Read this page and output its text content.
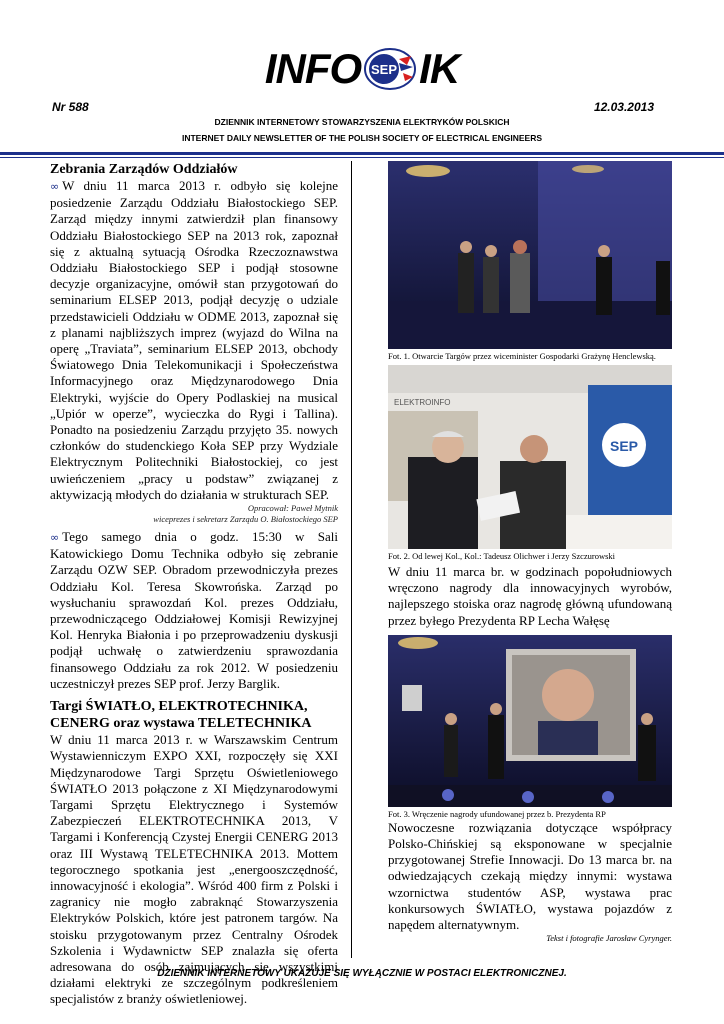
INFO SEP IK
Nr 588	12.03.2013
DZIENNIK INTERNETOWY STOWARZYSZENIA ELEKTRYKÓW POLSKICH
INTERNET DAILY NEWSLETTER OF THE POLISH SOCIETY OF ELECTRICAL ENGINEERS
Zebrania Zarządów Oddziałów

∞ W dniu 11 marca 2013 r. odbyło się kolejne posiedzenie Zarządu Oddziału Białostockiego SEP. Zarząd między innymi zatwierdził plan finansowy Oddziału Białostockiego SEP na 2013 rok, zapoznał się z aktualną sytuacją Ośrodka Rzeczoznawstwa Oddziału Białostockiego SEP i podjął stosowne decyzje organizacyjne, omówił stan przygotowań do seminarium ELSEP 2013, podjął decyzję o udziale przedstawicieli Oddziału w ODME 2013, zapoznał się z planami najbliższych imprez (wyjazd do Wilna na operę „Traviata”, seminarium ELSEP 2013, obchody Światowego Dnia Telekomunikacji i Społeczeństwa Informacyjnego oraz Międzynarodowego Dnia Elektryki, wyjście do Opery Podlaskiej na musical „Upiór w operze”, wycieczka do Rygi i Tallina). Ponadto na posiedzeniu Zarządu przyjęto 35. nowych członków do studenckiego Koła SEP przy Wydziale Elektrycznym Politechniki Białostockiej, co jest uwieńczeniem „pracy u podstaw” związanej z aktywizacją młodych do działania w strukturach SEP.

Opracował: Paweł Mytnik
wiceprezes i sekretarz Zarządu O. Białostockiego SEP

∞ Tego samego dnia o godz. 15:30 w Sali Katowickiego Domu Technika odbyło się zebranie Zarządu OZW SEP. Obradom przewodniczyła prezes Oddziału Kol. Teresa Skowrońska. Zarząd po wysłuchaniu sprawozdań Kol. prezes Oddziału, przewodniczącego Oddziałowej Komisji Rewizyjnej Kol. Henryka Białonia i po przeprowadzeniu dyskusji podjął uchwałę o zatwierdzeniu sprawozdania finansowego Oddziału za rok 2012. W posiedzeniu uczestniczył prezes SEP prof. Jerzy Barglik.

Targi ŚWIATŁO, ELEKTROTECHNIKA, CENERG oraz wystawa TELETECHNIKA

W dniu 11 marca 2013 r. w Warszawskim Centrum Wystawienniczym EXPO XXI, rozpoczęły się XXI Międzynarodowe Targi Sprzętu Oświetleniowego ŚWIATŁO 2013 połączone z XI Międzynarodowymi Targami Sprzętu Elektrycznego i Systemów Zabezpieczeń ELEKTROTECHNIKA 2013, V Targami i Konferencją Czystej Energii CENERG 2013 oraz III Wystawą TELETECHNIKA 2013. Mottem tegorocznego spotkania jest „energooszczędność, innowacyjność i ekologia”. Wśród 400 firm z Polski i zagranicy nie mogło zabraknąć Stowarzyszenia Elektryków Polskich, które jest patronem targów. Na stoisku przygotowanym przez Centralny Ośrodek Szkolenia i Wydawnictw SEP znalazła się oferta adresowana do osób zajmujących się wszystkimi działami elektryki ze szczególnym podkreśleniem specjalistów z branży oświetleniowej.

Fot. 1. Otwarcie Targów przez wiceminister Gospodarki Grażynę Henclewską.
SEP
ELEKTROINFO
Fot. 2. Od lewej Kol., Kol.: Tadeusz Olichwer i Jerzy Szczurowski

W dniu 11 marca br. w godzinach popołudniowych wręczono nagrody dla innowacyjnych wyrobów, najlepszego stoiska oraz nagrodę główną ufundowaną przez byłego Prezydenta RP Lecha Wałęsę

Fot. 3. Wręczenie nagrody ufundowanej przez b. Prezydenta RP

Nowoczesne rozwiązania dotyczące współpracy Polsko-Chińskiej są eksponowane w specjalnie przygotowanej Strefie Innowacji. Do 13 marca br. na odwiedzających czekają między innymi: wystawa wzornictwa studentów ASP, wystawa prac konkursowych ŚWIATŁO, wystawa pojazdów z napędem alternatywnym.

Tekst i fotografie Jarosław Cyrynger.
DZIENNIK INTERNETOWY UKAZUJE SIĘ WYŁĄCZNIE W POSTACI ELEKTRONICZNEJ.
